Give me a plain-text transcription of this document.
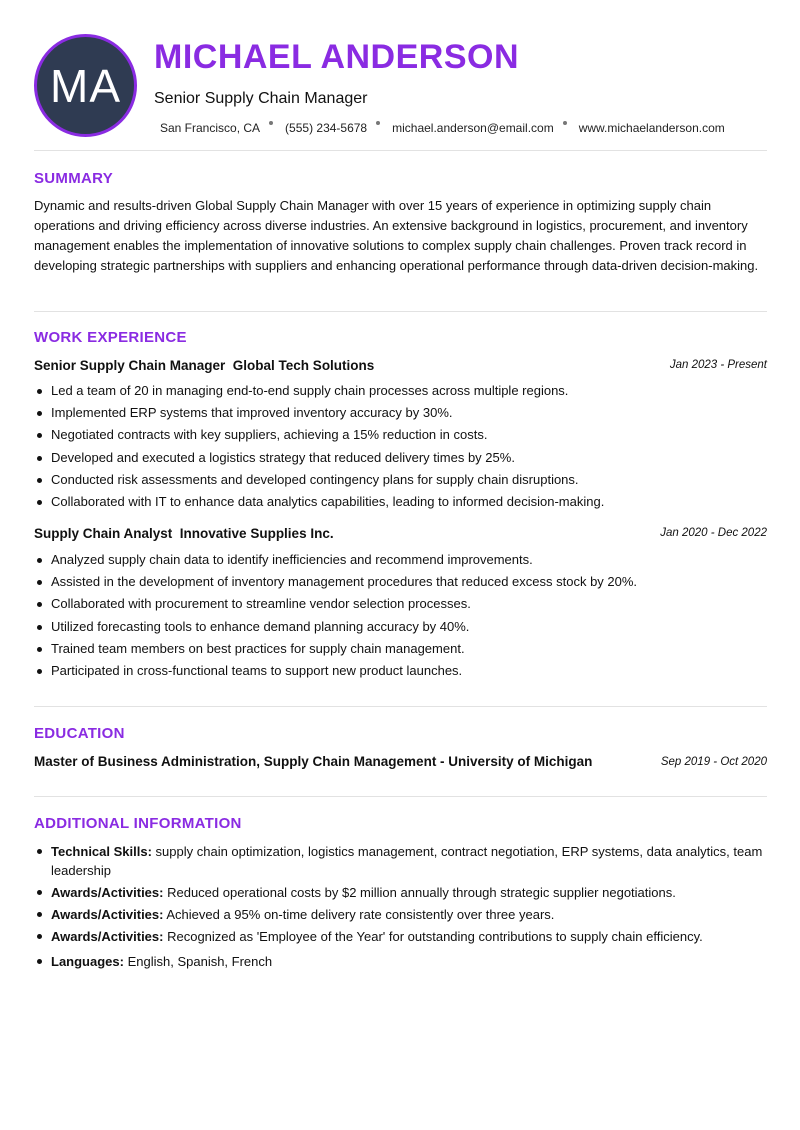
MA
MICHAEL ANDERSON
Senior Supply Chain Manager
San Francisco, CA (555) 234-5678 michael.anderson@email.com www.michaelanderson.com
SUMMARY

Dynamic and results-driven Global Supply Chain Manager with over 15 years of experience in optimizing supply chain operations and driving efficiency across diverse industries. An extensive background in logistics, procurement, and inventory management enables the implementation of innovative solutions to complex supply chain challenges. Proven track record in developing strategic partnerships with suppliers and enhancing operational performance through data-driven decision-making.

WORK EXPERIENCE
Senior Supply Chain Manager Global Tech Solutions	Jan 2023 - Present
Led a team of 20 in managing end-to-end supply chain processes across multiple regions.
Implemented ERP systems that improved inventory accuracy by 30%.
Negotiated contracts with key suppliers, achieving a 15% reduction in costs.
Developed and executed a logistics strategy that reduced delivery times by 25%.
Conducted risk assessments and developed contingency plans for supply chain disruptions.
Collaborated with IT to enhance data analytics capabilities, leading to informed decision-making.
Supply Chain Analyst Innovative Supplies Inc.	Jan 2020 - Dec 2022
Analyzed supply chain data to identify inefficiencies and recommend improvements.
Assisted in the development of inventory management procedures that reduced excess stock by 20%.
Collaborated with procurement to streamline vendor selection processes.
Utilized forecasting tools to enhance demand planning accuracy by 40%.
Trained team members on best practices for supply chain management.
Participated in cross-functional teams to support new product launches.
EDUCATION
Master of Business Administration, Supply Chain Management - University of Michigan	Sep 2019 - Oct 2020
ADDITIONAL INFORMATION
Technical Skills: supply chain optimization, logistics management, contract negotiation, ERP systems, data analytics, team leadership
Awards/Activities: Reduced operational costs by $2 million annually through strategic supplier negotiations.
Awards/Activities: Achieved a 95% on-time delivery rate consistently over three years.
Awards/Activities: Recognized as 'Employee of the Year' for outstanding contributions to supply chain efficiency.
Languages: English, Spanish, French
